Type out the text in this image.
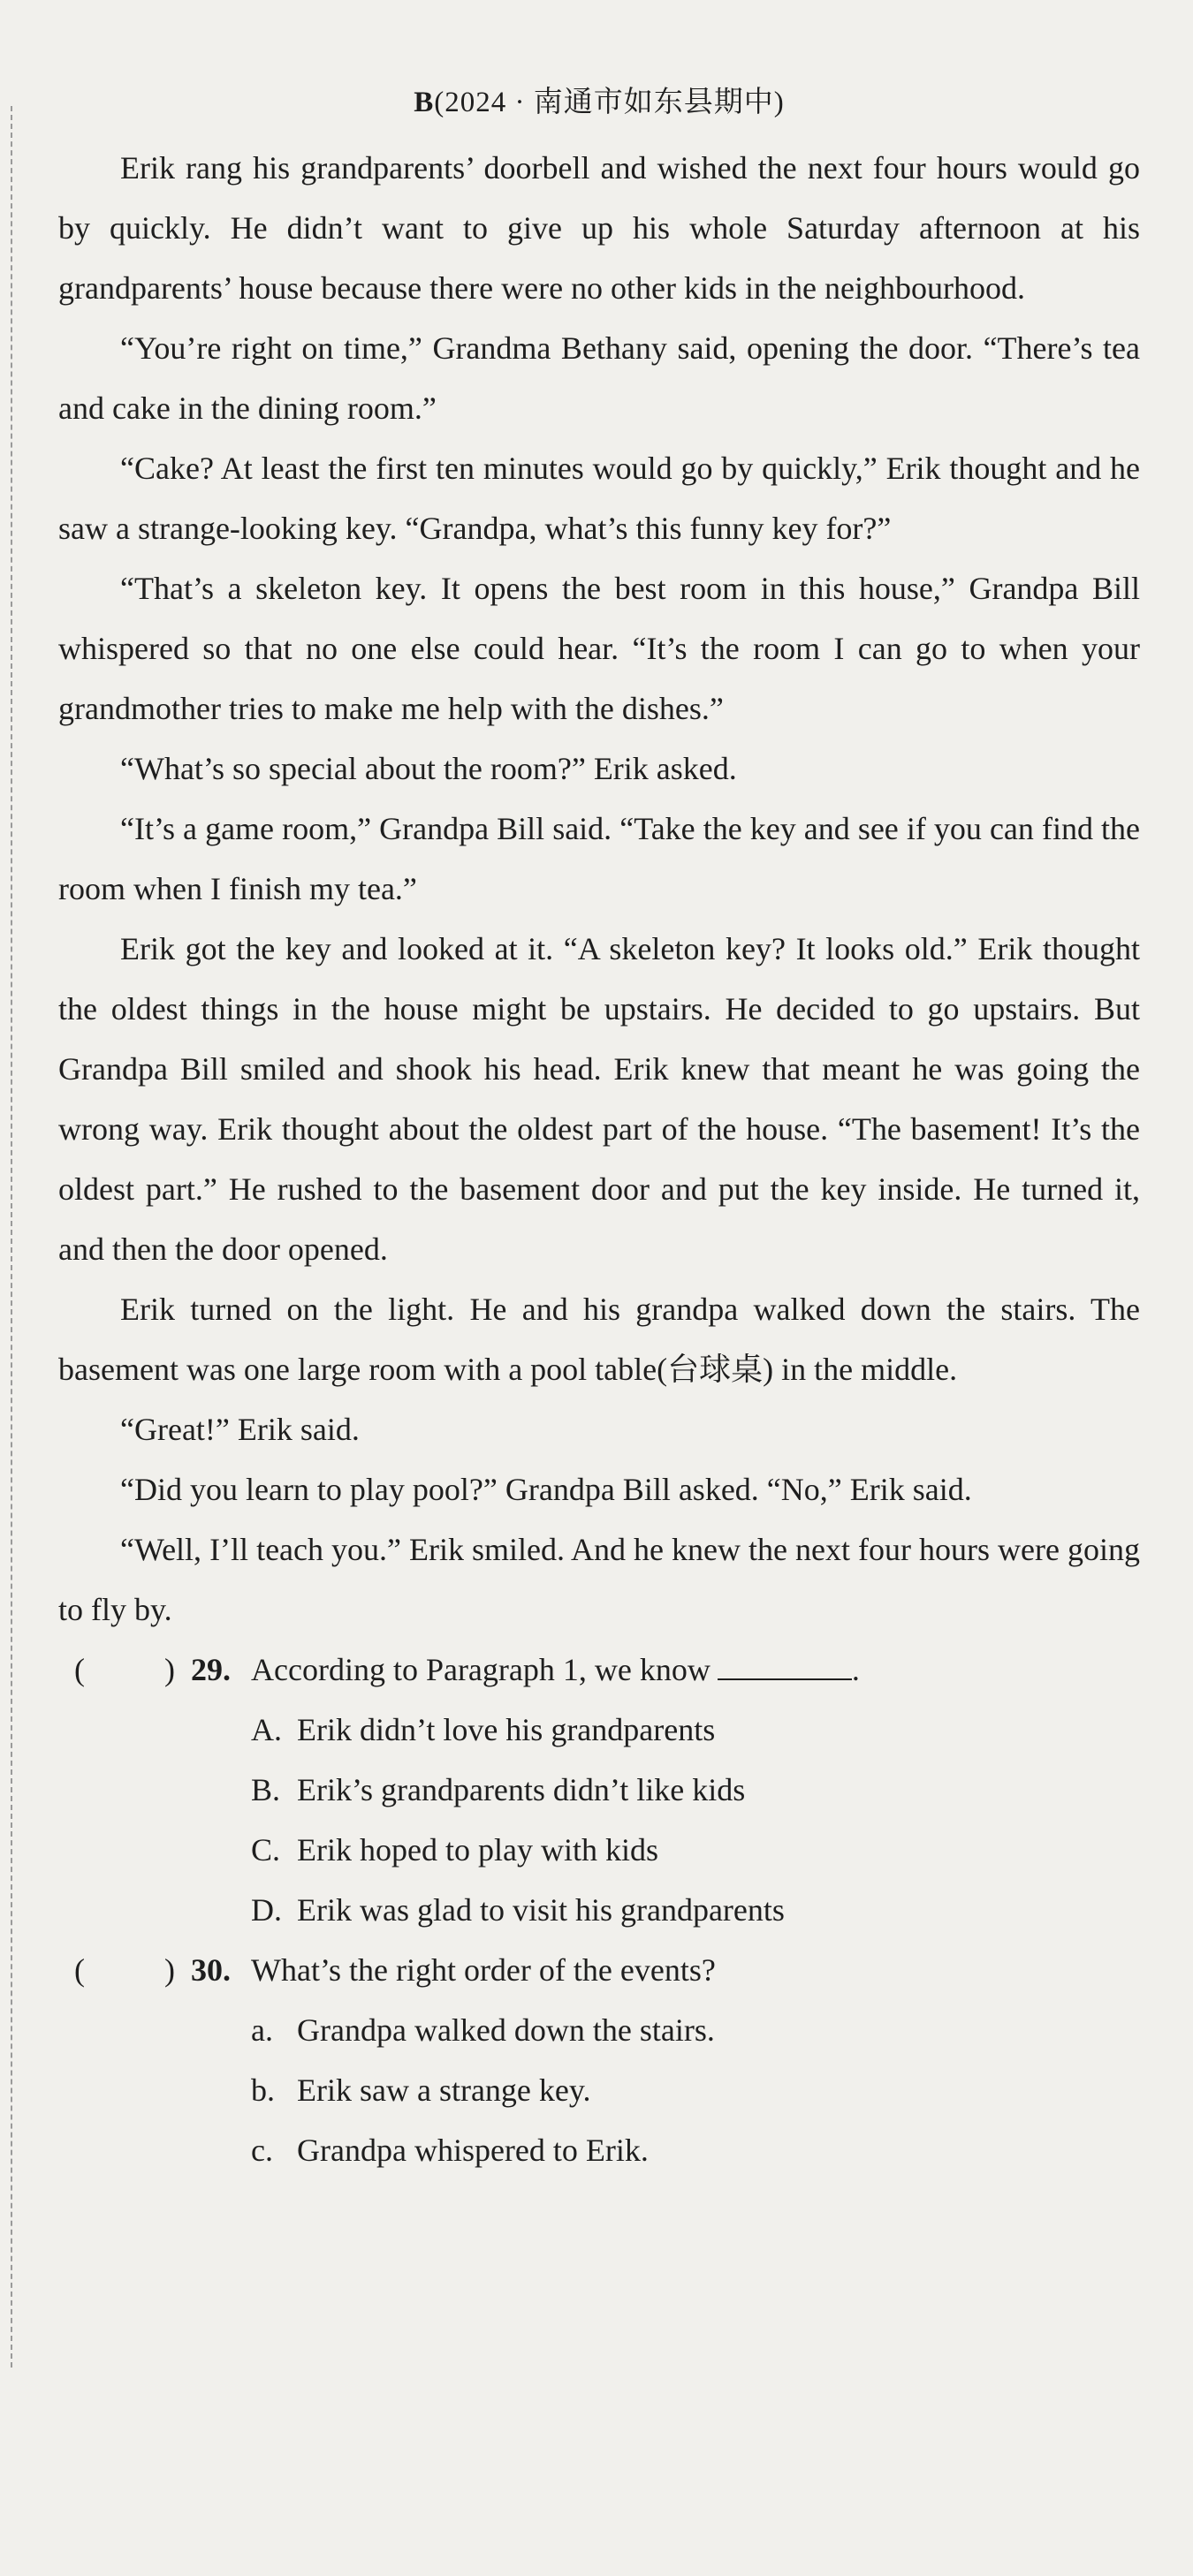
B(2024 · 南通市如东县期中)

Erik rang his grandparents’ doorbell and wished the next four hours would go by quickly. He didn’t want to give up his whole Saturday afternoon at his grandparents’ house because there were no other kids in the neighbourhood.

“You’re right on time,” Grandma Bethany said, opening the door. “There’s tea and cake in the dining room.”

“Cake? At least the first ten minutes would go by quickly,” Erik thought and he saw a strange-looking key. “Grandpa, what’s this funny key for?”

“That’s a skeleton key. It opens the best room in this house,” Grandpa Bill whispered so that no one else could hear. “It’s the room I can go to when your grandmother tries to make me help with the dishes.”

“What’s so special about the room?” Erik asked.

“It’s a game room,” Grandpa Bill said. “Take the key and see if you can find the room when I finish my tea.”

Erik got the key and looked at it. “A skeleton key? It looks old.” Erik thought the oldest things in the house might be upstairs. He decided to go upstairs. But Grandpa Bill smiled and shook his head. Erik knew that meant he was going the wrong way. Erik thought about the oldest part of the house. “The basement! It’s the oldest part.” He rushed to the basement door and put the key inside. He turned it, and then the door opened.

Erik turned on the light. He and his grandpa walked down the stairs. The basement was one large room with a pool table(台球桌) in the middle.

“Great!” Erik said.

“Did you learn to play pool?” Grandpa Bill asked. “No,” Erik said.

“Well, I’ll teach you.” Erik smiled. And he knew the next four hours were going to fly by.

(	) 29. According to Paragraph 1, we know	.

A. Erik didn’t love his grandparents

B. Erik’s grandparents didn’t like kids

C. Erik hoped to play with kids

D. Erik was glad to visit his grandparents

(	) 30. What’s the right order of the events?

a. Grandpa walked down the stairs.

b. Erik saw a strange key.

c. Grandpa whispered to Erik.
